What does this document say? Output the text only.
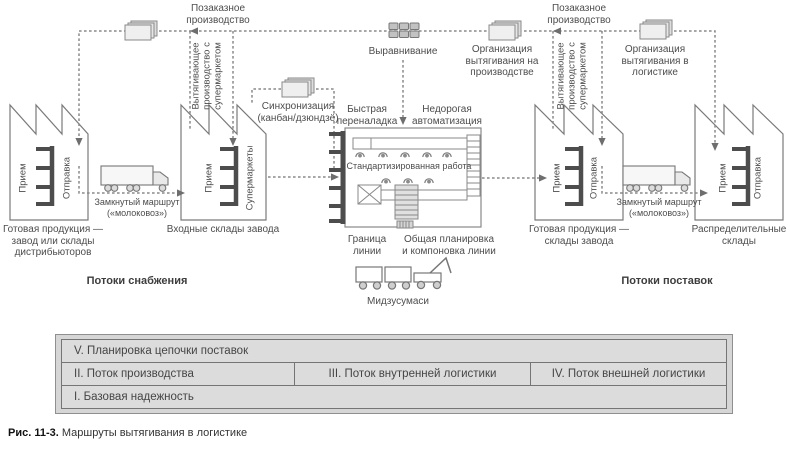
Позаказное производство
Позаказное производство
Выравнивание	Организация вытягивания на производстве
Организация вытягивания в логистике
Синхронизация (канбан/дзюндзё)
Вытягивающее производство с супермаркетом	Вытягивающее производство с супермаркетом
Быстрая переналадка
Недорогая автоматизация
Стандартизированная работа
Граница линии
Общая планировка и компоновка линии
Мидзусумаси
Прием	Отправка	Прием	Супермаркеты	Прием	Отправка	Прием	Отправка
Готовая продукция — завод или склады дистрибьюторов
Входные склады завода	Готовая продукция — склады завода
Распределительные склады
Замкнутый маршрут («молоковоз»)
Замкнутый маршрут («молоковоз»)
Потоки снабжения	Потоки поставок
V. Планировка цепочки поставок
II. Поток производства	III. Поток внутренней логистики	IV. Поток внешней логистики
I. Базовая надежность
Рис. 11-3. Маршруты вытягивания в логистике
